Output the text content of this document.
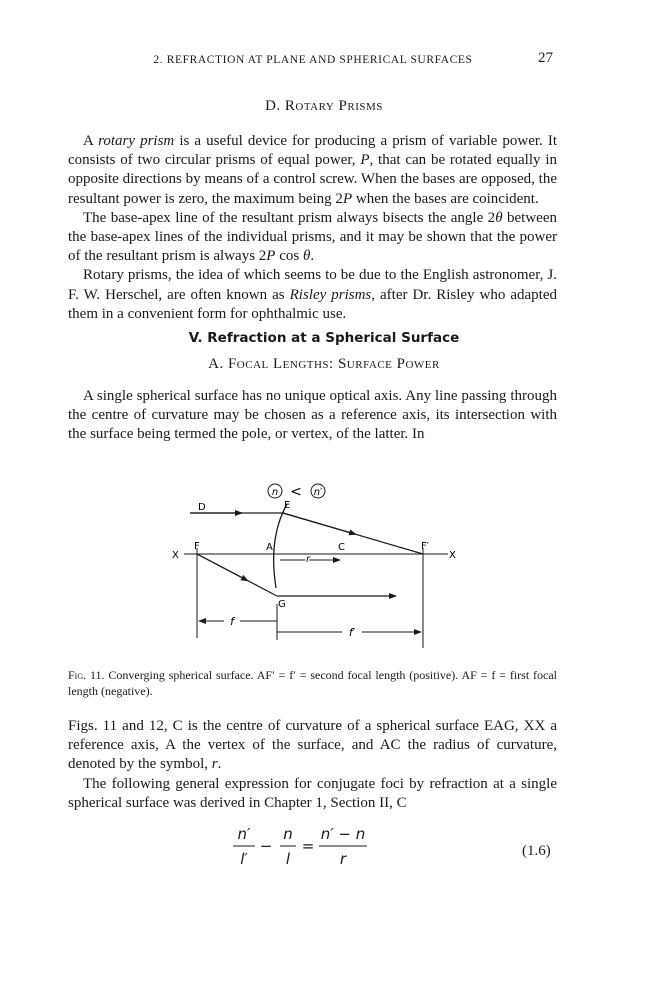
2. REFRACTION AT PLANE AND SPHERICAL SURFACES	27
D. Rotary Prisms

A rotary prism is a useful device for producing a prism of variable power. It consists of two circular prisms of equal power, P, that can be rotated equally in opposite directions by means of a control screw. When the bases are opposed, the resultant power is zero, the maximum being 2P when the bases are coincident.

The base-apex line of the resultant prism always bisects the angle 2θ between the base-apex lines of the individual prisms, and it may be shown that the power of the resultant prism is always 2P cos θ.

Rotary prisms, the idea of which seems to be due to the English astronomer, J. F. W. Herschel, are often known as Risley prisms, after Dr. Risley who adapted them in a convenient form for ophthalmic use.

V. Refraction at a Spherical Surface
A. Focal Lengths: Surface Power

A single spherical surface has no unique optical axis. Any line passing through the centre of curvature may be chosen as a reference axis, its intersection with the surface being termed the pole, or vertex, of the latter. In

n < n′
X	X
r
f
f′
D	E
F	A	C	F′
G
Fig. 11. Converging spherical surface. AF′ = f′ = second focal length (positive). AF = f = first focal length (negative).

Figs. 11 and 12, C is the centre of curvature of a spherical surface EAG, XX a reference axis, A the vertex of the surface, and AC the radius of curvature, denoted by the symbol, r.

The following general expression for conjugate foci by refraction at a single spherical surface was derived in Chapter 1, Section II, C

n′
l′
−
n
l
=
n′ − n
r	(1.6)
